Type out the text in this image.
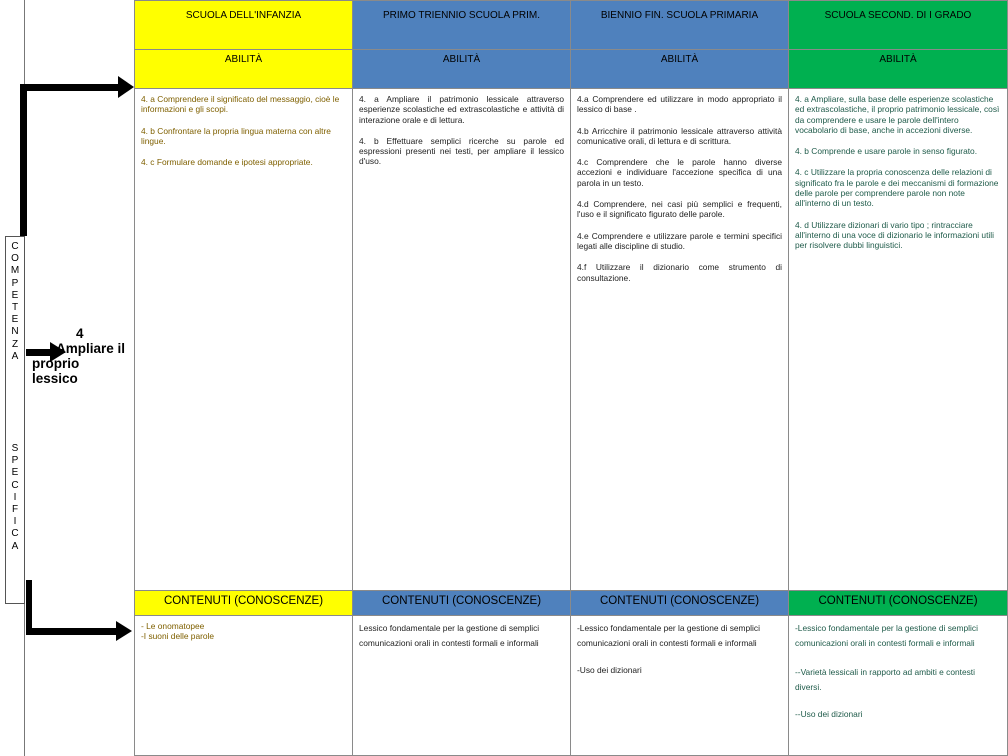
C
O
M
P
E
T
E
N
Z
A
S
P
E
C
I
F
I
C
A
4
Ampliare il
proprio
lessico
SCUOLA DELL'INFANZIA
ABILITÀ

4. a Comprendere il significato del messaggio, cioè le informazioni e gli scopi.

4. b Confrontare la propria lingua materna con altre lingue.

4. c Formulare domande e ipotesi appropriate.

CONTENUTI (CONOSCENZE)
- Le onomatopee
-I suoni delle parole
PRIMO TRIENNIO SCUOLA PRIM.
ABILITÀ

4. a Ampliare il patrimonio lessicale attraverso esperienze scolastiche ed extrascolastiche e attività di interazione orale e di lettura.

4. b Effettuare semplici ricerche su parole ed espressioni presenti nei testi, per ampliare il lessico d'uso.

CONTENUTI (CONOSCENZE)
Lessico fondamentale per la gestione di semplici comunicazioni orali in contesti formali e informali
BIENNIO FIN. SCUOLA PRIMARIA
ABILITÀ

4.a Comprendere ed utilizzare in modo appropriato il lessico di base .

4.b Arricchire il patrimonio lessicale attraverso attività comunicative orali, di lettura e di scrittura.

4.c Comprendere che le parole hanno diverse accezioni e individuare l'accezione specifica di una parola in un testo.

4.d Comprendere, nei casi più semplici e frequenti, l'uso e il significato figurato delle parole.

4.e Comprendere e utilizzare parole e termini specifici legati alle discipline di studio.

4.f Utilizzare il dizionario come strumento di consultazione.

CONTENUTI (CONOSCENZE)
-Lessico fondamentale per la gestione di semplici comunicazioni orali in contesti formali e informali
-Uso dei dizionari
SCUOLA SECOND. DI I GRADO
ABILITÀ

4. a Ampliare, sulla base delle esperienze scolastiche ed extrascolastiche, il proprio patrimonio lessicale, così da comprendere e usare le parole dell'intero vocabolario di base, anche in accezioni diverse.

4. b Comprende e usare parole in senso figurato.

4. c Utilizzare la propria conoscenza delle relazioni di significato fra le parole e dei meccanismi di formazione delle parole per comprendere parole non note all'interno di un testo.

4. d Utilizzare dizionari di vario tipo ; rintracciare all'interno di una voce di dizionario le informazioni utili per risolvere dubbi linguistici.

CONTENUTI (CONOSCENZE)
-Lessico fondamentale per la gestione di semplici comunicazioni orali in contesti formali e informali
--Varietà lessicali in rapporto ad ambiti e contesti diversi.
--Uso dei dizionari
